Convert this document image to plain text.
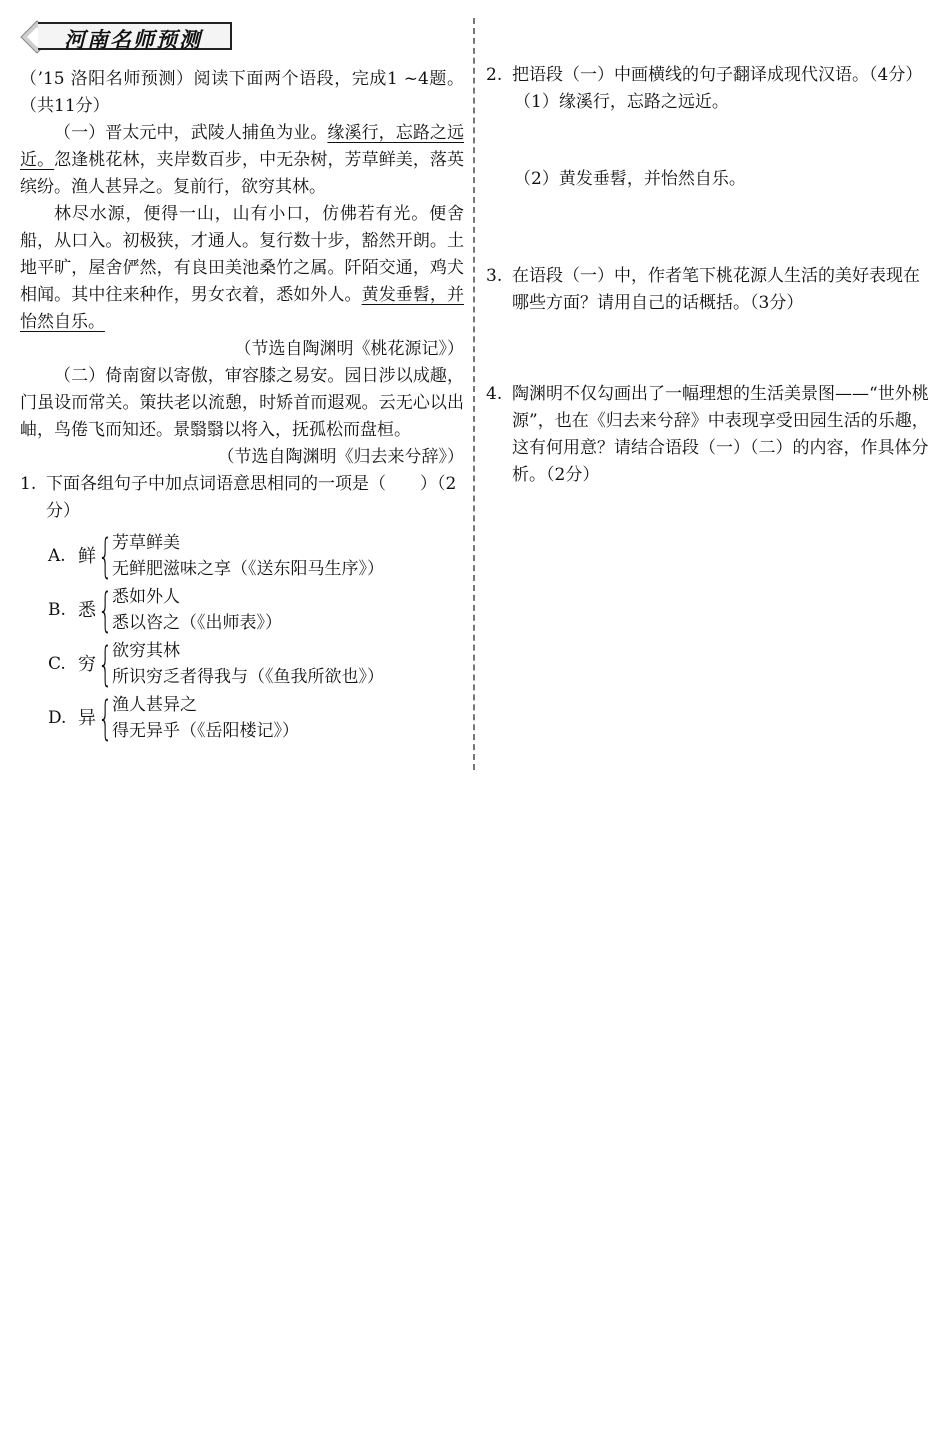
河南名师预测

（’15 洛阳名师预测）阅读下面两个语段，完成1 ~4题。（共11分）

（一）晋太元中，武陵人捕鱼为业。缘溪行，忘路之远近。忽逢桃花林，夹岸数百步，中无杂树，芳草鲜美，落英缤纷。渔人甚异之。复前行，欲穷其林。

林尽水源，便得一山，山有小口，仿佛若有光。便舍船，从口入。初极狭，才通人。复行数十步，豁然开朗。土地平旷，屋舍俨然，有良田美池桑竹之属。阡陌交通，鸡犬相闻。其中往来种作，男女衣着，悉如外人。黄发垂髫，并怡然自乐。

（节选自陶渊明《桃花源记》）

（二）倚南窗以寄傲，审容膝之易安。园日涉以成趣，门虽设而常关。策扶老以流憩，时矫首而遐观。云无心以出岫，鸟倦飞而知还。景翳翳以将入，抚孤松而盘桓。

（节选自陶渊明《归去来兮辞》）

1. 下面各组句子中加点词语意思相同的一项是（　　）（2分）
A. 鲜 { 芳草鲜美
无鲜肥滋味之享（《送东阳马生序》）
B. 悉 { 悉如外人
悉以咨之（《出师表》）
C. 穷 { 欲穷其林
所识穷乏者得我与（《鱼我所欲也》）
D. 异 { 渔人甚异之
得无异乎（《岳阳楼记》）
2. 把语段（一）中画横线的句子翻译成现代汉语。（4分）
（1）缘溪行，忘路之远近。
（2）黄发垂髫，并怡然自乐。
3. 在语段（一）中，作者笔下桃花源人生活的美好表现在哪些方面？请用自己的话概括。（3分）
4. 陶渊明不仅勾画出了一幅理想的生活美景图——“世外桃源”，也在《归去来兮辞》中表现享受田园生活的乐趣，这有何用意？请结合语段（一）（二）的内容，作具体分析。（2分）
